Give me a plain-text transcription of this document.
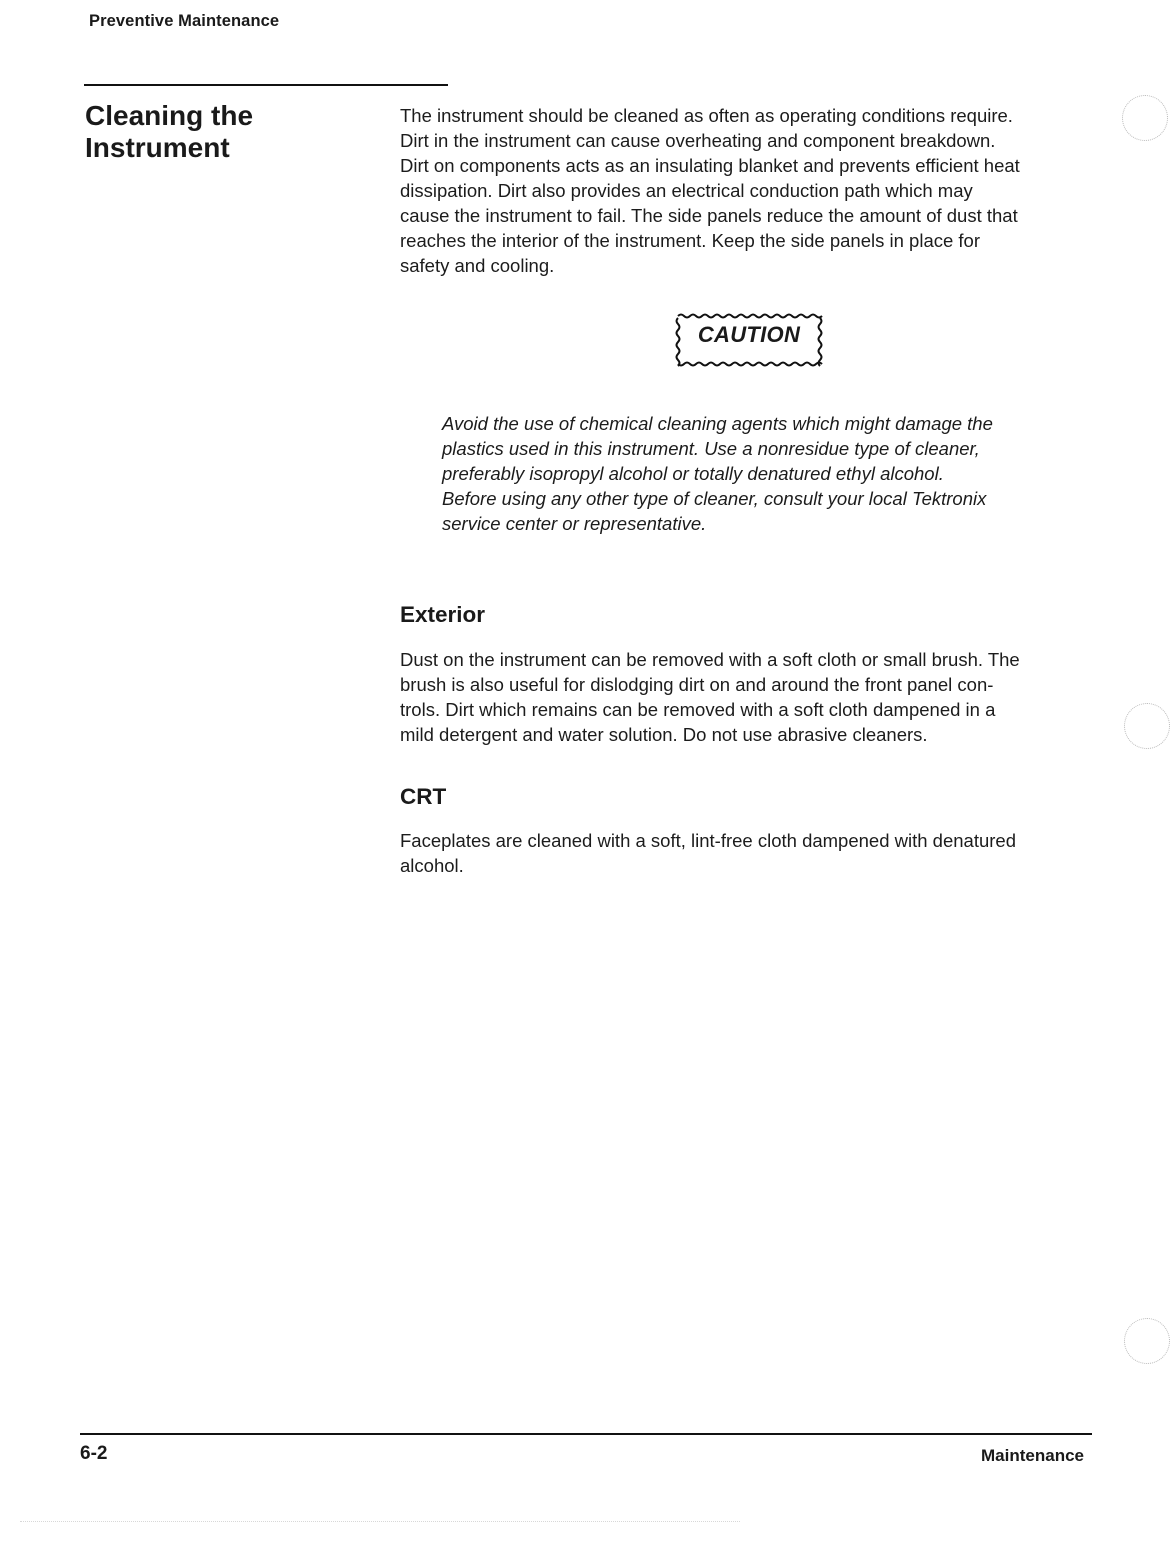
Preventive Maintenance
Cleaning the
Instrument
The instrument should be cleaned as often as operating conditions require.
Dirt in the instrument can cause overheating and component breakdown.
Dirt on components acts as an insulating blanket and prevents efficient heat
dissipation. Dirt also provides an electrical conduction path which may
cause the instrument to fail. The side panels reduce the amount of dust that
reaches the interior of the instrument. Keep the side panels in place for
safety and cooling.
CAUTION
Avoid the use of chemical cleaning agents which might damage the
plastics used in this instrument. Use a nonresidue type of cleaner,
preferably isopropyl alcohol or totally denatured ethyl alcohol.
Before using any other type of cleaner, consult your local Tektronix
service center or representative.
Exterior
Dust on the instrument can be removed with a soft cloth or small brush. The
brush is also useful for dislodging dirt on and around the front panel con-
trols. Dirt which remains can be removed with a soft cloth dampened in a
mild detergent and water solution. Do not use abrasive cleaners.
CRT
Faceplates are cleaned with a soft, lint-free cloth dampened with denatured
alcohol.
6-2	Maintenance
